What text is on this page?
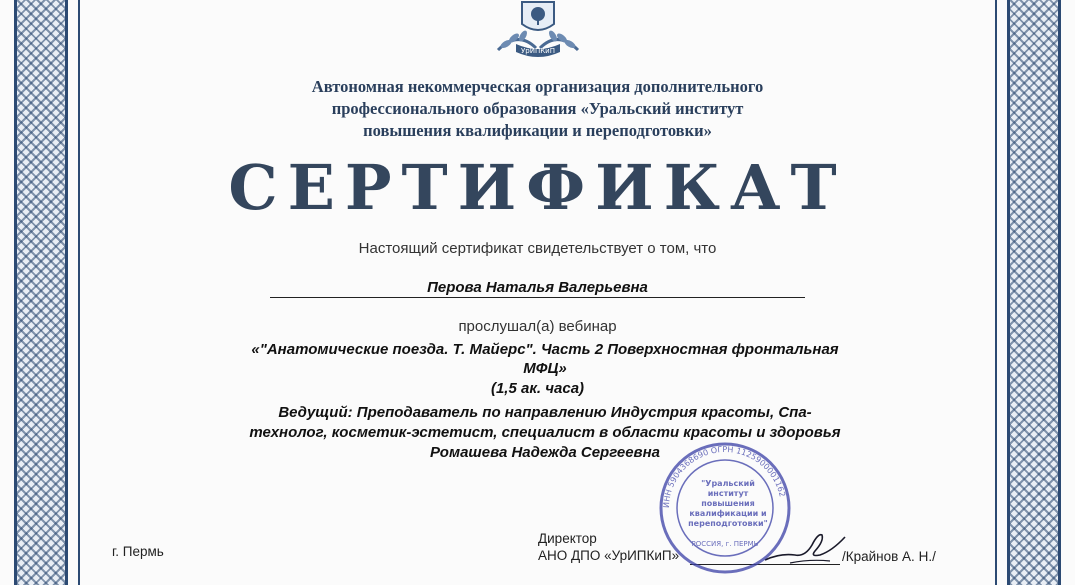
УрИПКиП
Автономная некоммерческая организация дополнительного
профессионального образования «Уральский институт
повышения квалификации и переподготовки»
СЕРТИФИКАТ
Настоящий сертификат свидетельствует о том, что
Перова Наталья Валерьевна
прослушал(а) вебинар
«"Анатомические поезда. Т. Майерс". Часть 2 Поверхностная фронтальная
МФЦ»
(1,5 ак. часа)
Ведущий: Преподаватель по направлению Индустрия красоты, Спа-
технолог, косметик-эстетист, специалист в области красоты и здоровья
Ромашева Надежда Сергеевна
г. Пермь
Директор
АНО ДПО «УрИПКиП»	/Крайнов А. Н./
ИНН 5904368690 ОГРН 1125900001162
"Уральский
институт
повышения
квалификации и
переподготовки"
РОССИЯ, г. ПЕРМЬ
